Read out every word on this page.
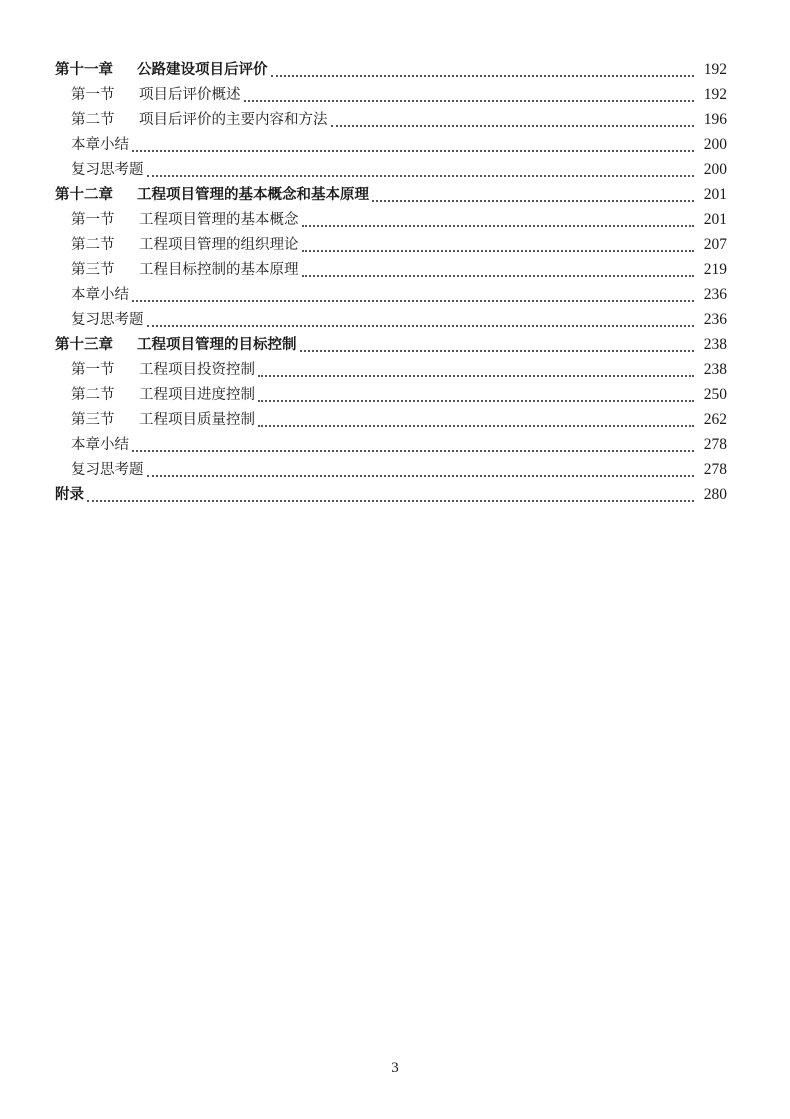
第十一章	公路建设项目后评价	192
第一节	项目后评价概述	192
第二节	项目后评价的主要内容和方法	196
本章小结	200
复习思考题	200
第十二章	工程项目管理的基本概念和基本原理	201
第一节	工程项目管理的基本概念	201
第二节	工程项目管理的组织理论	207
第三节	工程目标控制的基本原理	219
本章小结	236
复习思考题	236
第十三章	工程项目管理的目标控制	238
第一节	工程项目投资控制	238
第二节	工程项目进度控制	250
第三节	工程项目质量控制	262
本章小结	278
复习思考题	278
附录	280
3
